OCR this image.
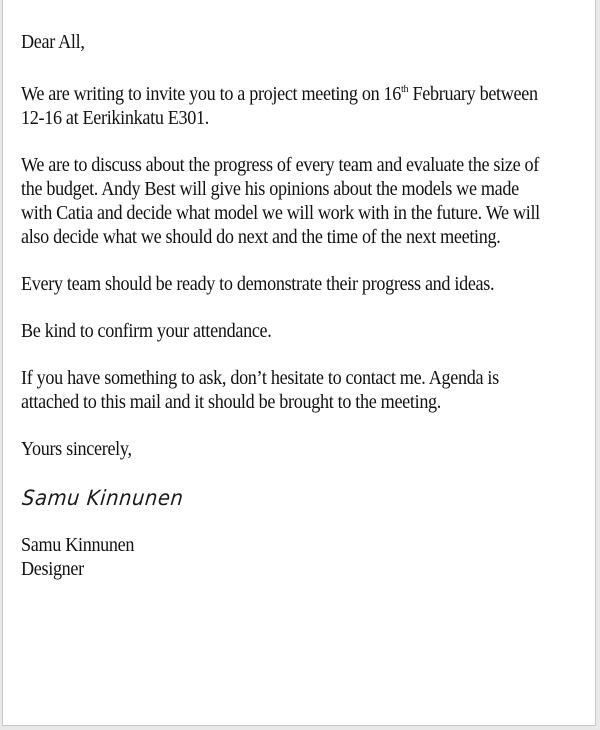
Dear All,

We are writing to invite you to a project meeting on 16th February between 12-16 at Eerikinkatu E301.

We are to discuss about the progress of every team and evaluate the size of the budget. Andy Best will give his opinions about the models we made with Catia and decide what model we will work with in the future. We will also decide what we should do next and the time of the next meeting.

Every team should be ready to demonstrate their progress and ideas.

Be kind to confirm your attendance.

If you have something to ask, don’t hesitate to contact me. Agenda is attached to this mail and it should be brought to the meeting.

Yours sincerely,

Samu Kinnunen

Samu Kinnunen

Designer
